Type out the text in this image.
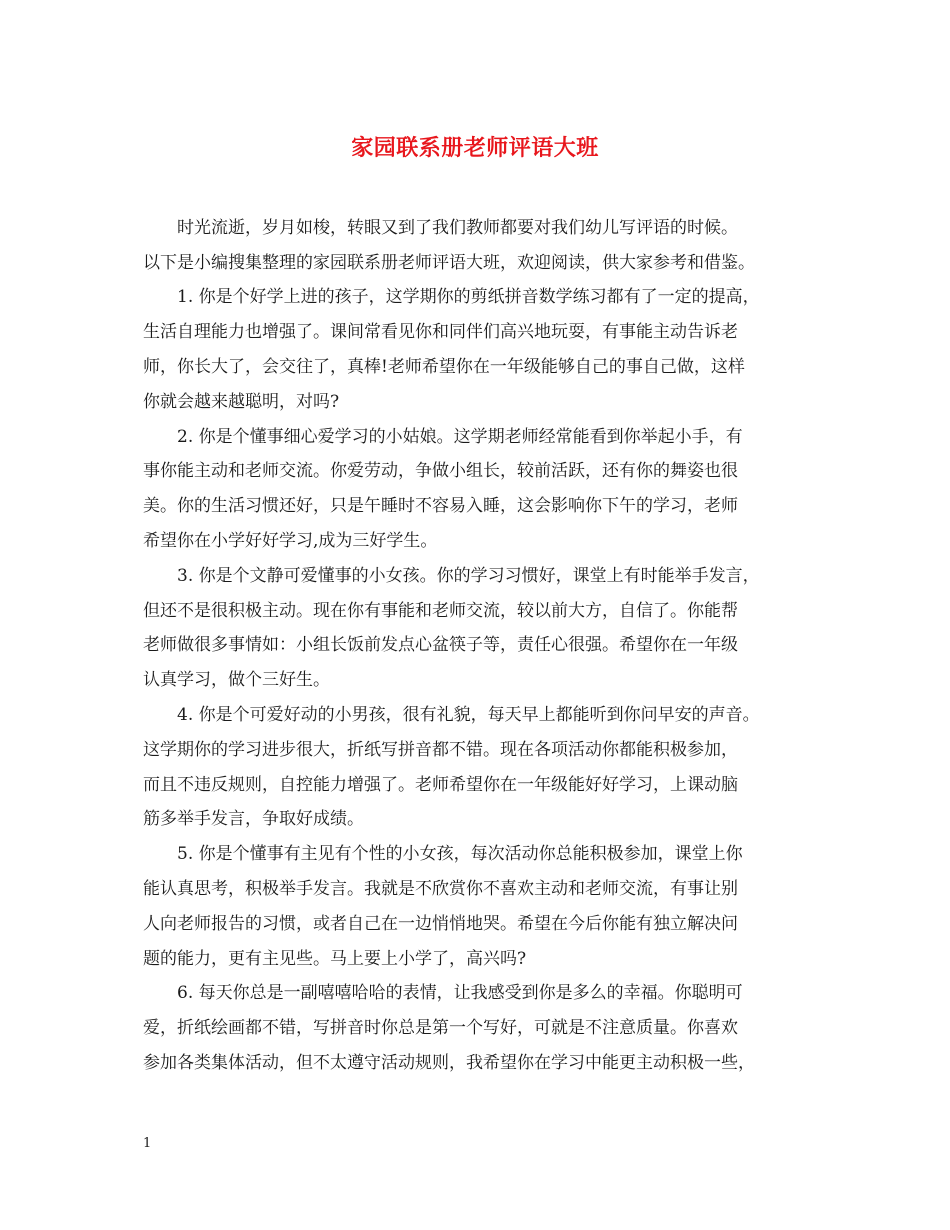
家园联系册老师评语大班
时光流逝，岁月如梭，转眼又到了我们教师都要对我们幼儿写评语的时候。
以下是小编搜集整理的家园联系册老师评语大班，欢迎阅读，供大家参考和借鉴。
1. 你是个好学上进的孩子，这学期你的剪纸拼音数学练习都有了一定的提高，
生活自理能力也增强了。课间常看见你和同伴们高兴地玩耍，有事能主动告诉老
师，你长大了，会交往了，真棒!老师希望你在一年级能够自己的事自己做，这样
你就会越来越聪明，对吗?
2. 你是个懂事细心爱学习的小姑娘。这学期老师经常能看到你举起小手，有
事你能主动和老师交流。你爱劳动，争做小组长，较前活跃，还有你的舞姿也很
美。你的生活习惯还好，只是午睡时不容易入睡，这会影响你下午的学习，老师
希望你在小学好好学习,成为三好学生。
3. 你是个文静可爱懂事的小女孩。你的学习习惯好，课堂上有时能举手发言，
但还不是很积极主动。现在你有事能和老师交流，较以前大方，自信了。你能帮
老师做很多事情如：小组长饭前发点心盆筷子等，责任心很强。希望你在一年级
认真学习，做个三好生。
4. 你是个可爱好动的小男孩，很有礼貌，每天早上都能听到你问早安的声音。
这学期你的学习进步很大，折纸写拼音都不错。现在各项活动你都能积极参加，
而且不违反规则，自控能力增强了。老师希望你在一年级能好好学习，上课动脑
筋多举手发言，争取好成绩。
5. 你是个懂事有主见有个性的小女孩，每次活动你总能积极参加，课堂上你
能认真思考，积极举手发言。我就是不欣赏你不喜欢主动和老师交流，有事让别
人向老师报告的习惯，或者自己在一边悄悄地哭。希望在今后你能有独立解决问
题的能力，更有主见些。马上要上小学了，高兴吗?
6. 每天你总是一副嘻嘻哈哈的表情，让我感受到你是多么的幸福。你聪明可
爱，折纸绘画都不错，写拼音时你总是第一个写好，可就是不注意质量。你喜欢
参加各类集体活动，但不太遵守活动规则，我希望你在学习中能更主动积极一些，
1
